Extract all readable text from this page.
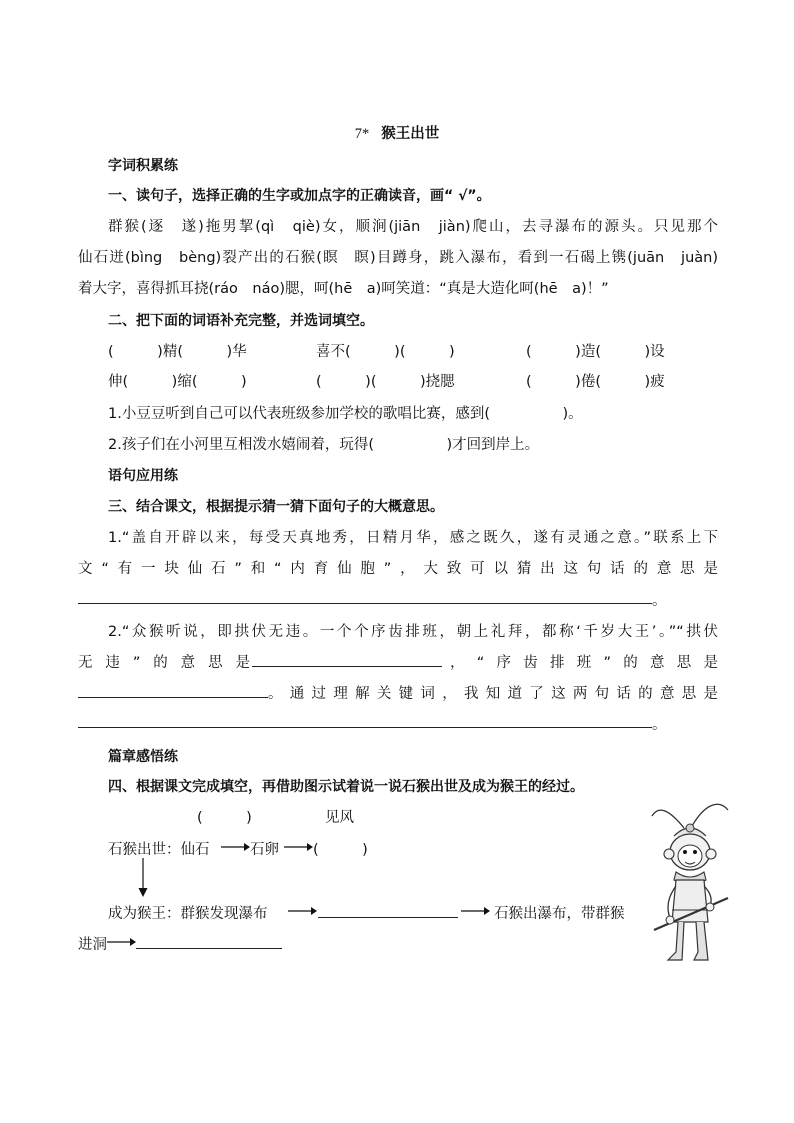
7* 猴王出世
字词积累练
一、读句子，选择正确的生字或加点字的正确读音，画“ √”。
群猴(逐　遂)拖男挈(qì　qiè)女，顺涧(jiān　jiàn)爬山，去寻瀑布的源头。只见那个
仙石迸(bìng　bèng)裂产出的石猴(瞑　瞑)目蹲身，跳入瀑布，看到一石碣上镌(juān　juàn)
着大字，喜得抓耳挠(ráo　náo)腮，呵(hē　a)呵笑道：“真是大造化呵(hē　a)！”
二、把下面的词语补充完整，并选词填空。
(　　　)精(　　　)华	喜不(　　　)(　　　)	(　　　)造(　　　)设
伸(　　　)缩(　　　)	(　　　)(　　　)挠腮	(　　　)倦(　　　)疲
1.小豆豆听到自己可以代表班级参加学校的歌唱比赛，感到(　　　　　)。
2.孩子们在小河里互相泼水嬉闹着，玩得(　　　　　)才回到岸上。
语句应用练
三、结合课文，根据提示猜一猜下面句子的大概意思。
1.“盖自开辟以来，每受天真地秀，日精月华，感之既久，遂有灵通之意。”联系上下
文“有一块仙石”和“内育仙胞”，大致可以猜出这句话的意思是
。
2.“众猴听说，即拱伏无违。一个个序齿排班，朝上礼拜，都称‘千岁大王’。”“拱伏
无违”的意思是	，“序齿排班”的意思是
。通过理解关键词，我知道了这两句话的意思是
。
篇章感悟练
四、根据课文完成填空，再借助图示试着说一说石猴出世及成为猴王的经过。
(　　　)	见风
石猴出世：仙石	石卵 (　　　)
成为猴王：群猴发现瀑布	石猴出瀑布，带群猴
进洞
